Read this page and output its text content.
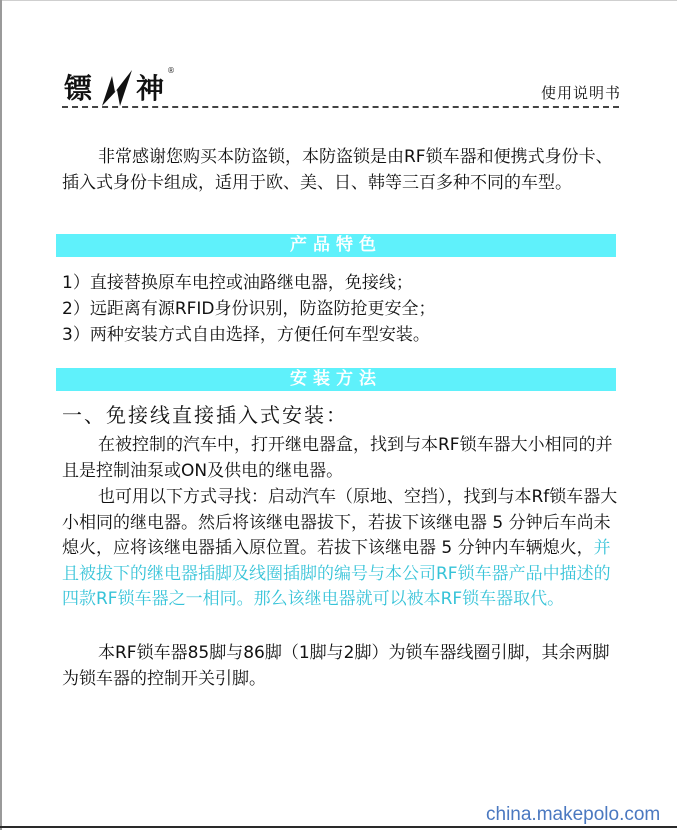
镖 神
®
使用说明书

非常感谢您购买本防盗锁，本防盗锁是由RF锁车器和便携式身份卡、插入式身份卡组成，适用于欧、美、日、韩等三百多种不同的车型。

产品特色
1）直接替换原车电控或油路继电器，免接线；
2）远距离有源RFID身份识别，防盗防抢更安全；
3）两种安装方式自由选择，方便任何车型安装。
安装方法
一、免接线直接插入式安装：

在被控制的汽车中，打开继电器盒，找到与本RF锁车器大小相同的并且是控制油泵或ON及供电的继电器。

也可用以下方式寻找：启动汽车（原地、空挡），找到与本Rf锁车器大小相同的继电器。然后将该继电器拔下，若拔下该继电器 5 分钟后车尚未熄火，应将该继电器插入原位置。若拔下该继电器 5 分钟内车辆熄火，并且被拔下的继电器插脚及线圈插脚的编号与本公司RF锁车器产品中描述的四款RF锁车器之一相同。那么该继电器就可以被本RF锁车器取代。

本RF锁车器85脚与86脚（1脚与2脚）为锁车器线圈引脚，其余两脚为锁车器的控制开关引脚。

china.makepolo.com
